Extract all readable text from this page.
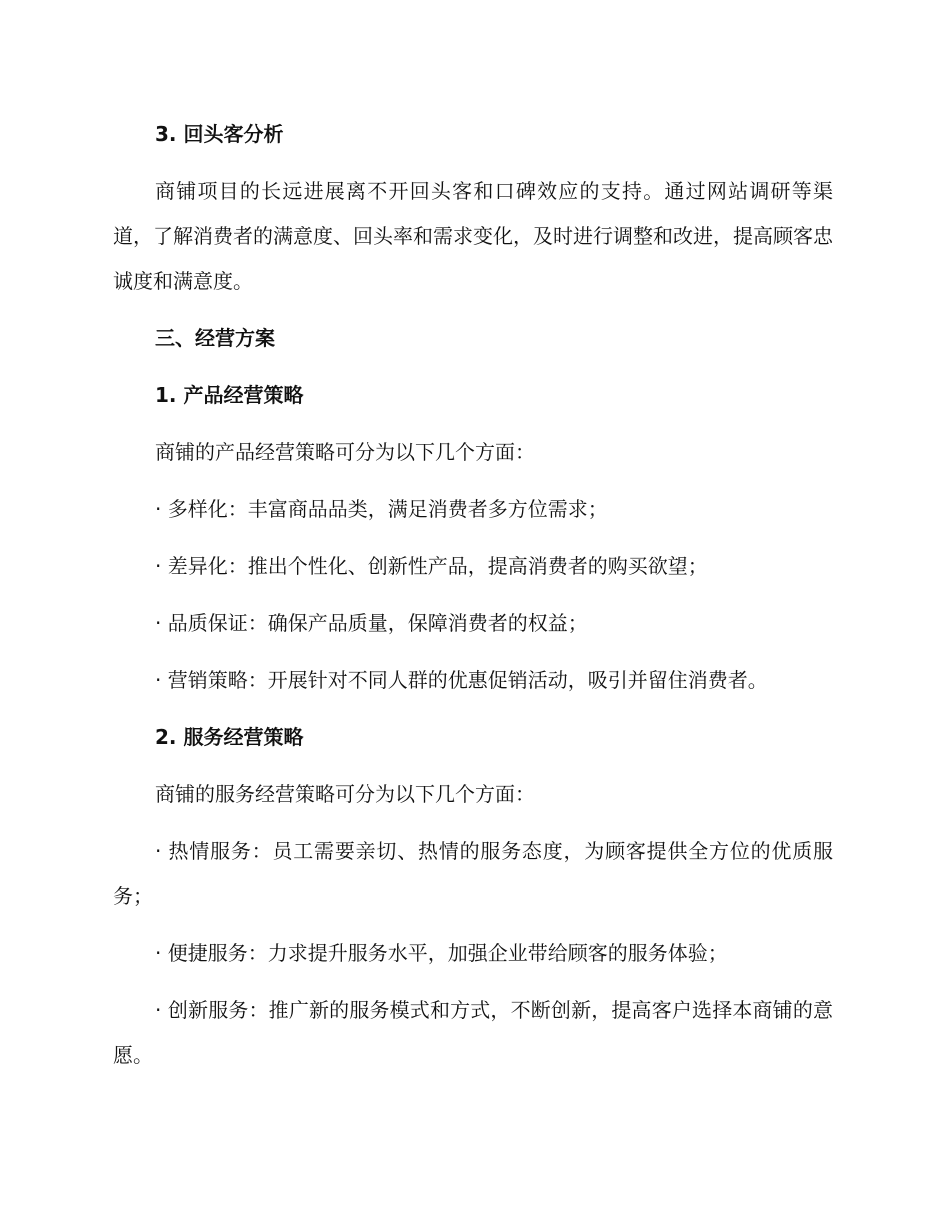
3. 回头客分析

商铺项目的长远进展离不开回头客和口碑效应的支持。通过网站调研等渠道，了解消费者的满意度、回头率和需求变化，及时进行调整和改进，提高顾客忠诚度和满意度。

三、经营方案

1. 产品经营策略

商铺的产品经营策略可分为以下几个方面：

· 多样化：丰富商品品类，满足消费者多方位需求；

· 差异化：推出个性化、创新性产品，提高消费者的购买欲望；

· 品质保证：确保产品质量，保障消费者的权益；

· 营销策略：开展针对不同人群的优惠促销活动，吸引并留住消费者。

2. 服务经营策略

商铺的服务经营策略可分为以下几个方面：

· 热情服务：员工需要亲切、热情的服务态度，为顾客提供全方位的优质服务；

· 便捷服务：力求提升服务水平，加强企业带给顾客的服务体验；

· 创新服务：推广新的服务模式和方式，不断创新，提高客户选择本商铺的意愿。
